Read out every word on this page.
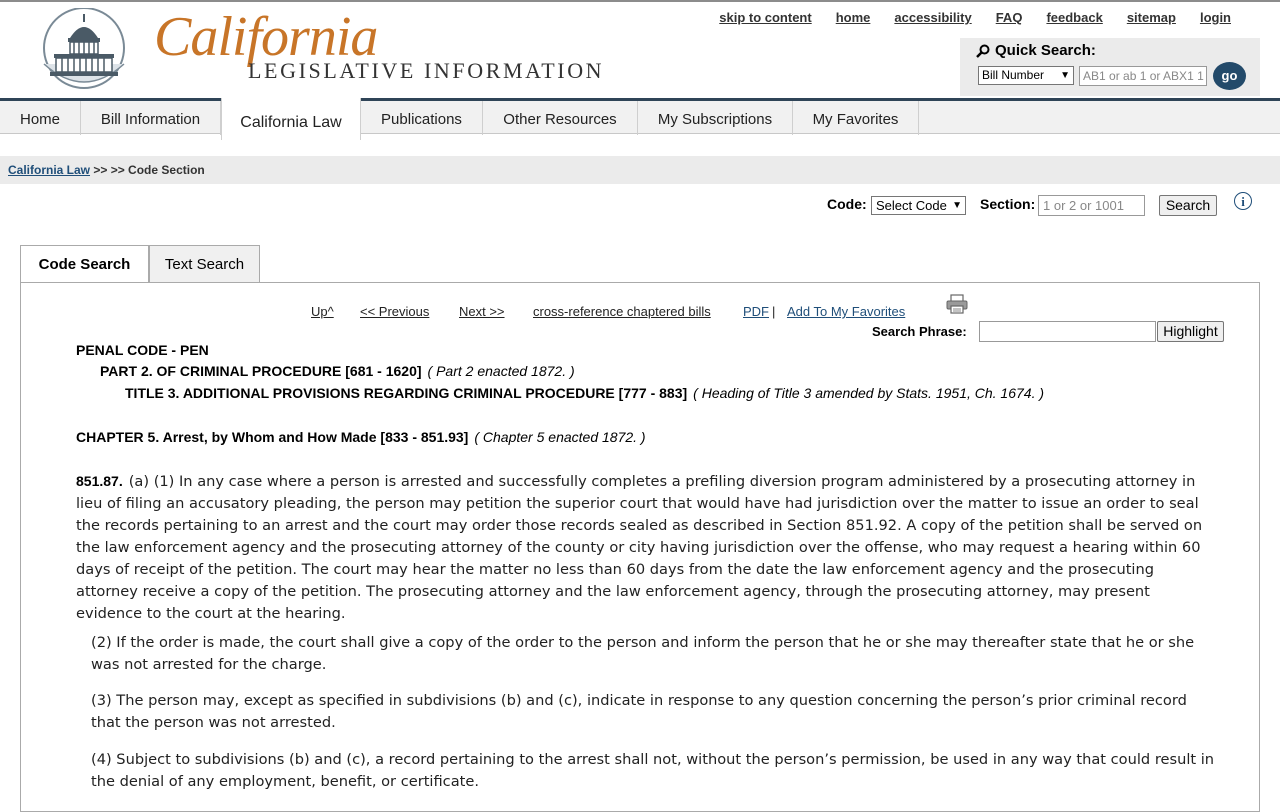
California
LEGISLATIVE INFORMATION
skip to content home accessibility FAQ feedback sitemap login
Quick Search:
Bill Number ▼	AB1 or ab 1 or ABX1 1	go
Home	Bill Information	California Law	Publications	Other Resources	My Subscriptions	My Favorites
California Law >> >> Code Section
Code: Select Code ▼ Section: 1 or 2 or 1001	Search	i
Code Search	Text Search
Up^ << Previous Next >> cross-reference chaptered bills PDF | Add To My Favorites
Search Phrase:	Highlight
PENAL CODE - PEN
PART 2. OF CRIMINAL PROCEDURE [681 - 1620] ( Part 2 enacted 1872. )
TITLE 3. ADDITIONAL PROVISIONS REGARDING CRIMINAL PROCEDURE [777 - 883] ( Heading of Title 3 amended by Stats. 1951, Ch. 1674. )
CHAPTER 5. Arrest, by Whom and How Made [833 - 851.93] ( Chapter 5 enacted 1872. )
851.87. (a) (1) In any case where a person is arrested and successfully completes a prefiling diversion program administered by a prosecuting attorney in lieu of filing an accusatory pleading, the person may petition the superior court that would have had jurisdiction over the matter to issue an order to seal the records pertaining to an arrest and the court may order those records sealed as described in Section 851.92. A copy of the petition shall be served on the law enforcement agency and the prosecuting attorney of the county or city having jurisdiction over the offense, who may request a hearing within 60 days of receipt of the petition. The court may hear the matter no less than 60 days from the date the law enforcement agency and the prosecuting attorney receive a copy of the petition. The prosecuting attorney and the law enforcement agency, through the prosecuting attorney, may present evidence to the court at the hearing.
(2) If the order is made, the court shall give a copy of the order to the person and inform the person that he or she may thereafter state that he or she was not arrested for the charge.
(3) The person may, except as specified in subdivisions (b) and (c), indicate in response to any question concerning the person’s prior criminal record that the person was not arrested.
(4) Subject to subdivisions (b) and (c), a record pertaining to the arrest shall not, without the person’s permission, be used in any way that could result in the denial of any employment, benefit, or certificate.
